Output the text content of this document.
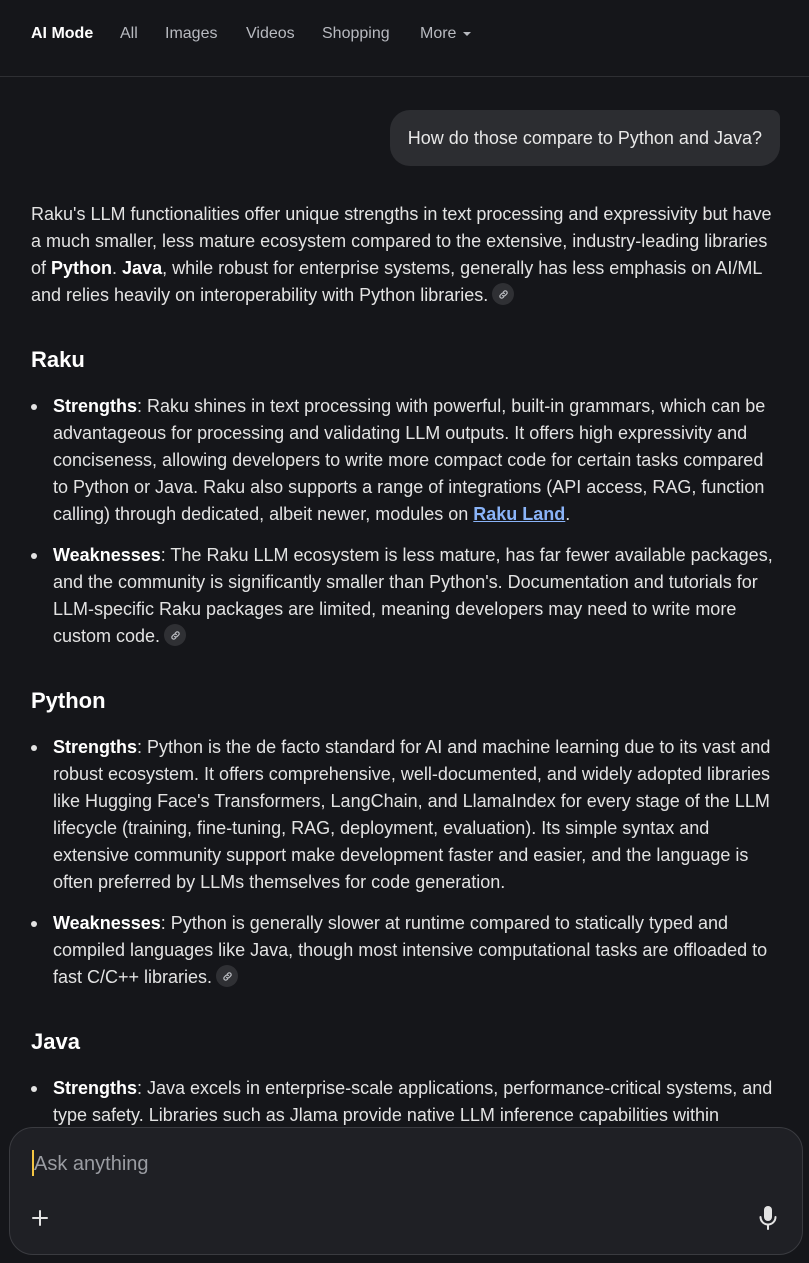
AI Mode All Images Videos Shopping More
How do those compare to Python and Java?

Raku's LLM functionalities offer unique strengths in text processing and expressivity but have a much smaller, less mature ecosystem compared to the extensive, industry-leading libraries of Python. Java, while robust for enterprise systems, generally has less emphasis on AI/ML and relies heavily on interoperability with Python libraries.

Raku
Strengths: Raku shines in text processing with powerful, built-in grammars, which can be advantageous for processing and validating LLM outputs. It offers high expressivity and conciseness, allowing developers to write more compact code for certain tasks compared to Python or Java. Raku also supports a range of integrations (API access, RAG, function calling) through dedicated, albeit newer, modules on Raku Land.
Weaknesses: The Raku LLM ecosystem is less mature, has far fewer available packages, and the community is significantly smaller than Python's. Documentation and tutorials for LLM-specific Raku packages are limited, meaning developers may need to write more custom code.
Python
Strengths: Python is the de facto standard for AI and machine learning due to its vast and robust ecosystem. It offers comprehensive, well-documented, and widely adopted libraries like Hugging Face's Transformers, LangChain, and LlamaIndex for every stage of the LLM lifecycle (training, fine-tuning, RAG, deployment, evaluation). Its simple syntax and extensive community support make development faster and easier, and the language is often preferred by LLMs themselves for code generation.
Weaknesses: Python is generally slower at runtime compared to statically typed and compiled languages like Java, though most intensive computational tasks are offloaded to fast C/C++ libraries.
Java
Strengths: Java excels in enterprise-scale applications, performance-critical systems, and type safety. Libraries such as Jlama provide native LLM inference capabilities within
Ask anything
